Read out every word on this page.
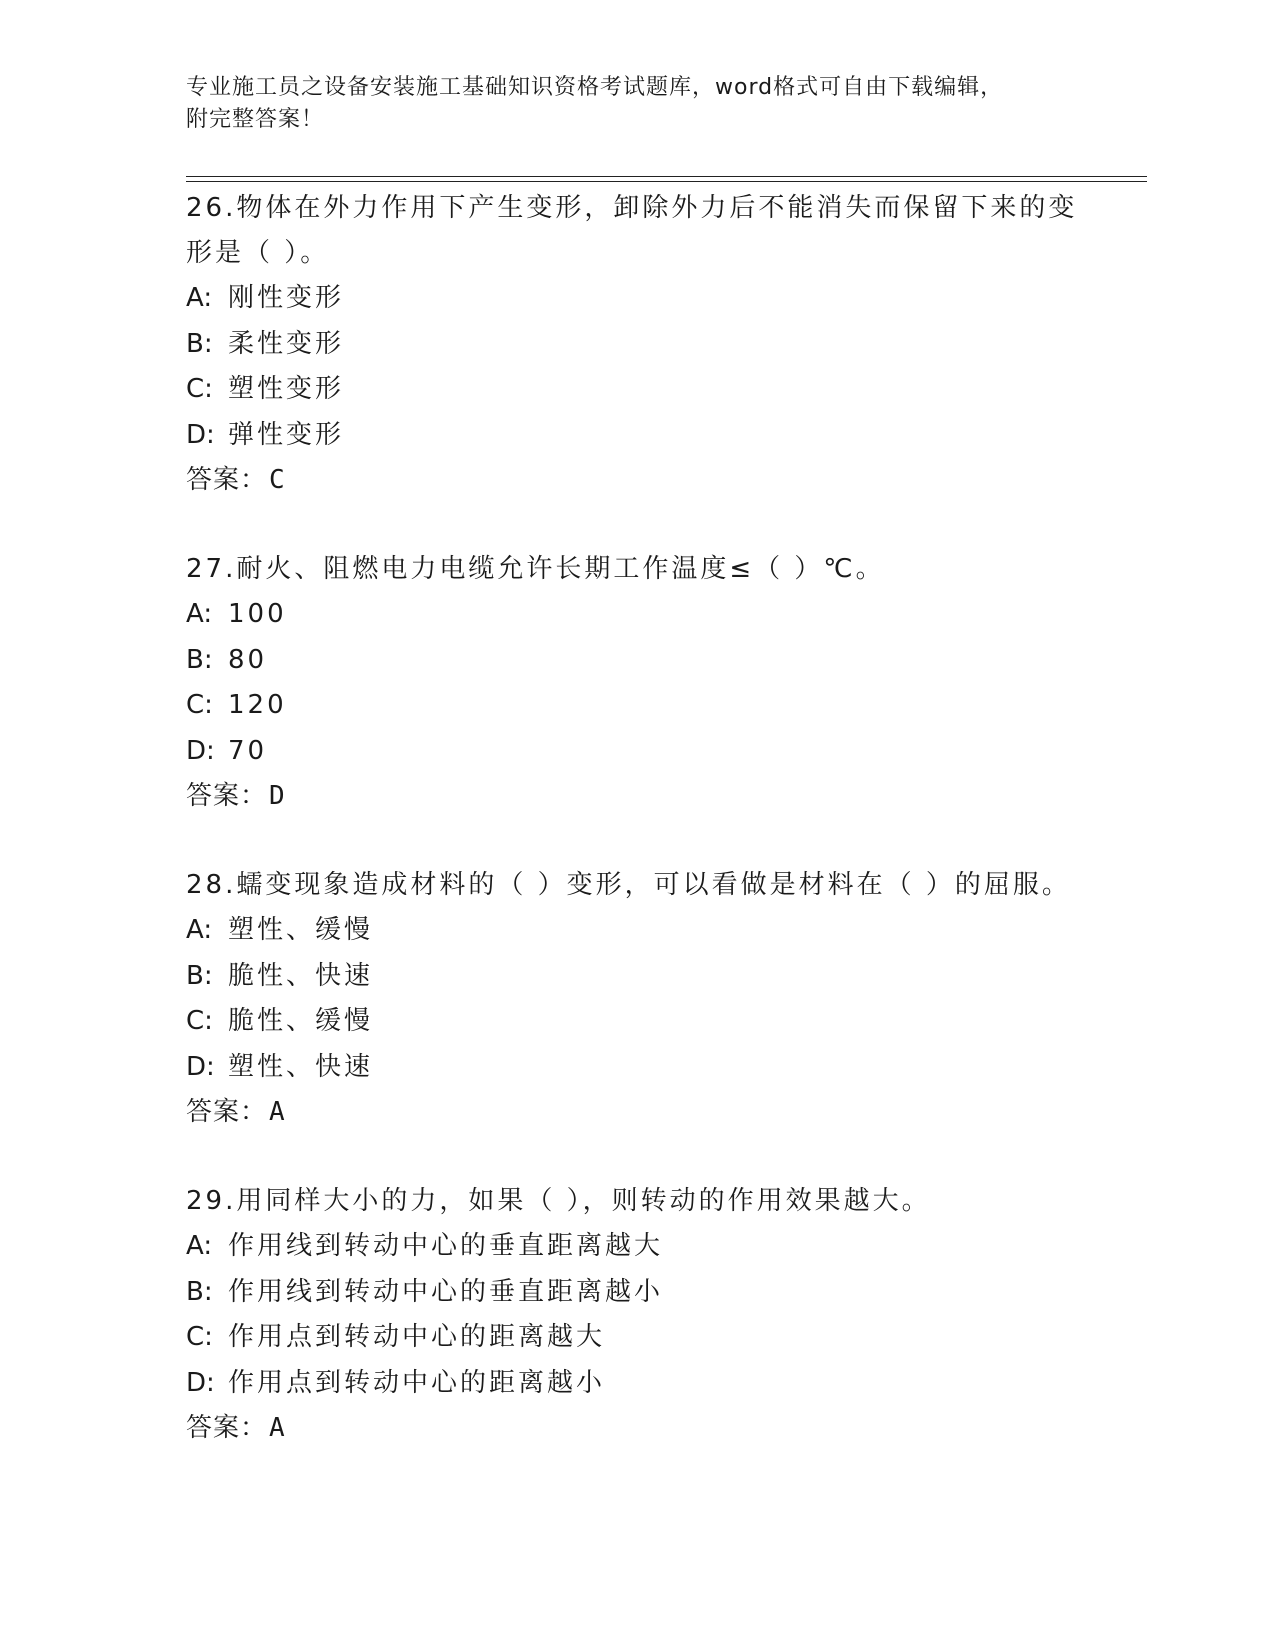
专业施工员之设备安装施工基础知识资格考试题库，word格式可自由下载编辑，
附完整答案！
26.物体在外力作用下产生变形，卸除外力后不能消失而保留下来的变
形是（ ）。
A: 刚性变形
B: 柔性变形
C: 塑性变形
D: 弹性变形
答案：C
27.耐火、阻燃电力电缆允许长期工作温度≤（ ）℃。
A: 100
B: 80
C: 120
D: 70
答案：D
28.蠕变现象造成材料的（ ）变形，可以看做是材料在（ ）的屈服。
A: 塑性、缓慢
B: 脆性、快速
C: 脆性、缓慢
D: 塑性、快速
答案：A
29.用同样大小的力，如果（ ），则转动的作用效果越大。
A: 作用线到转动中心的垂直距离越大
B: 作用线到转动中心的垂直距离越小
C: 作用点到转动中心的距离越大
D: 作用点到转动中心的距离越小
答案：A
